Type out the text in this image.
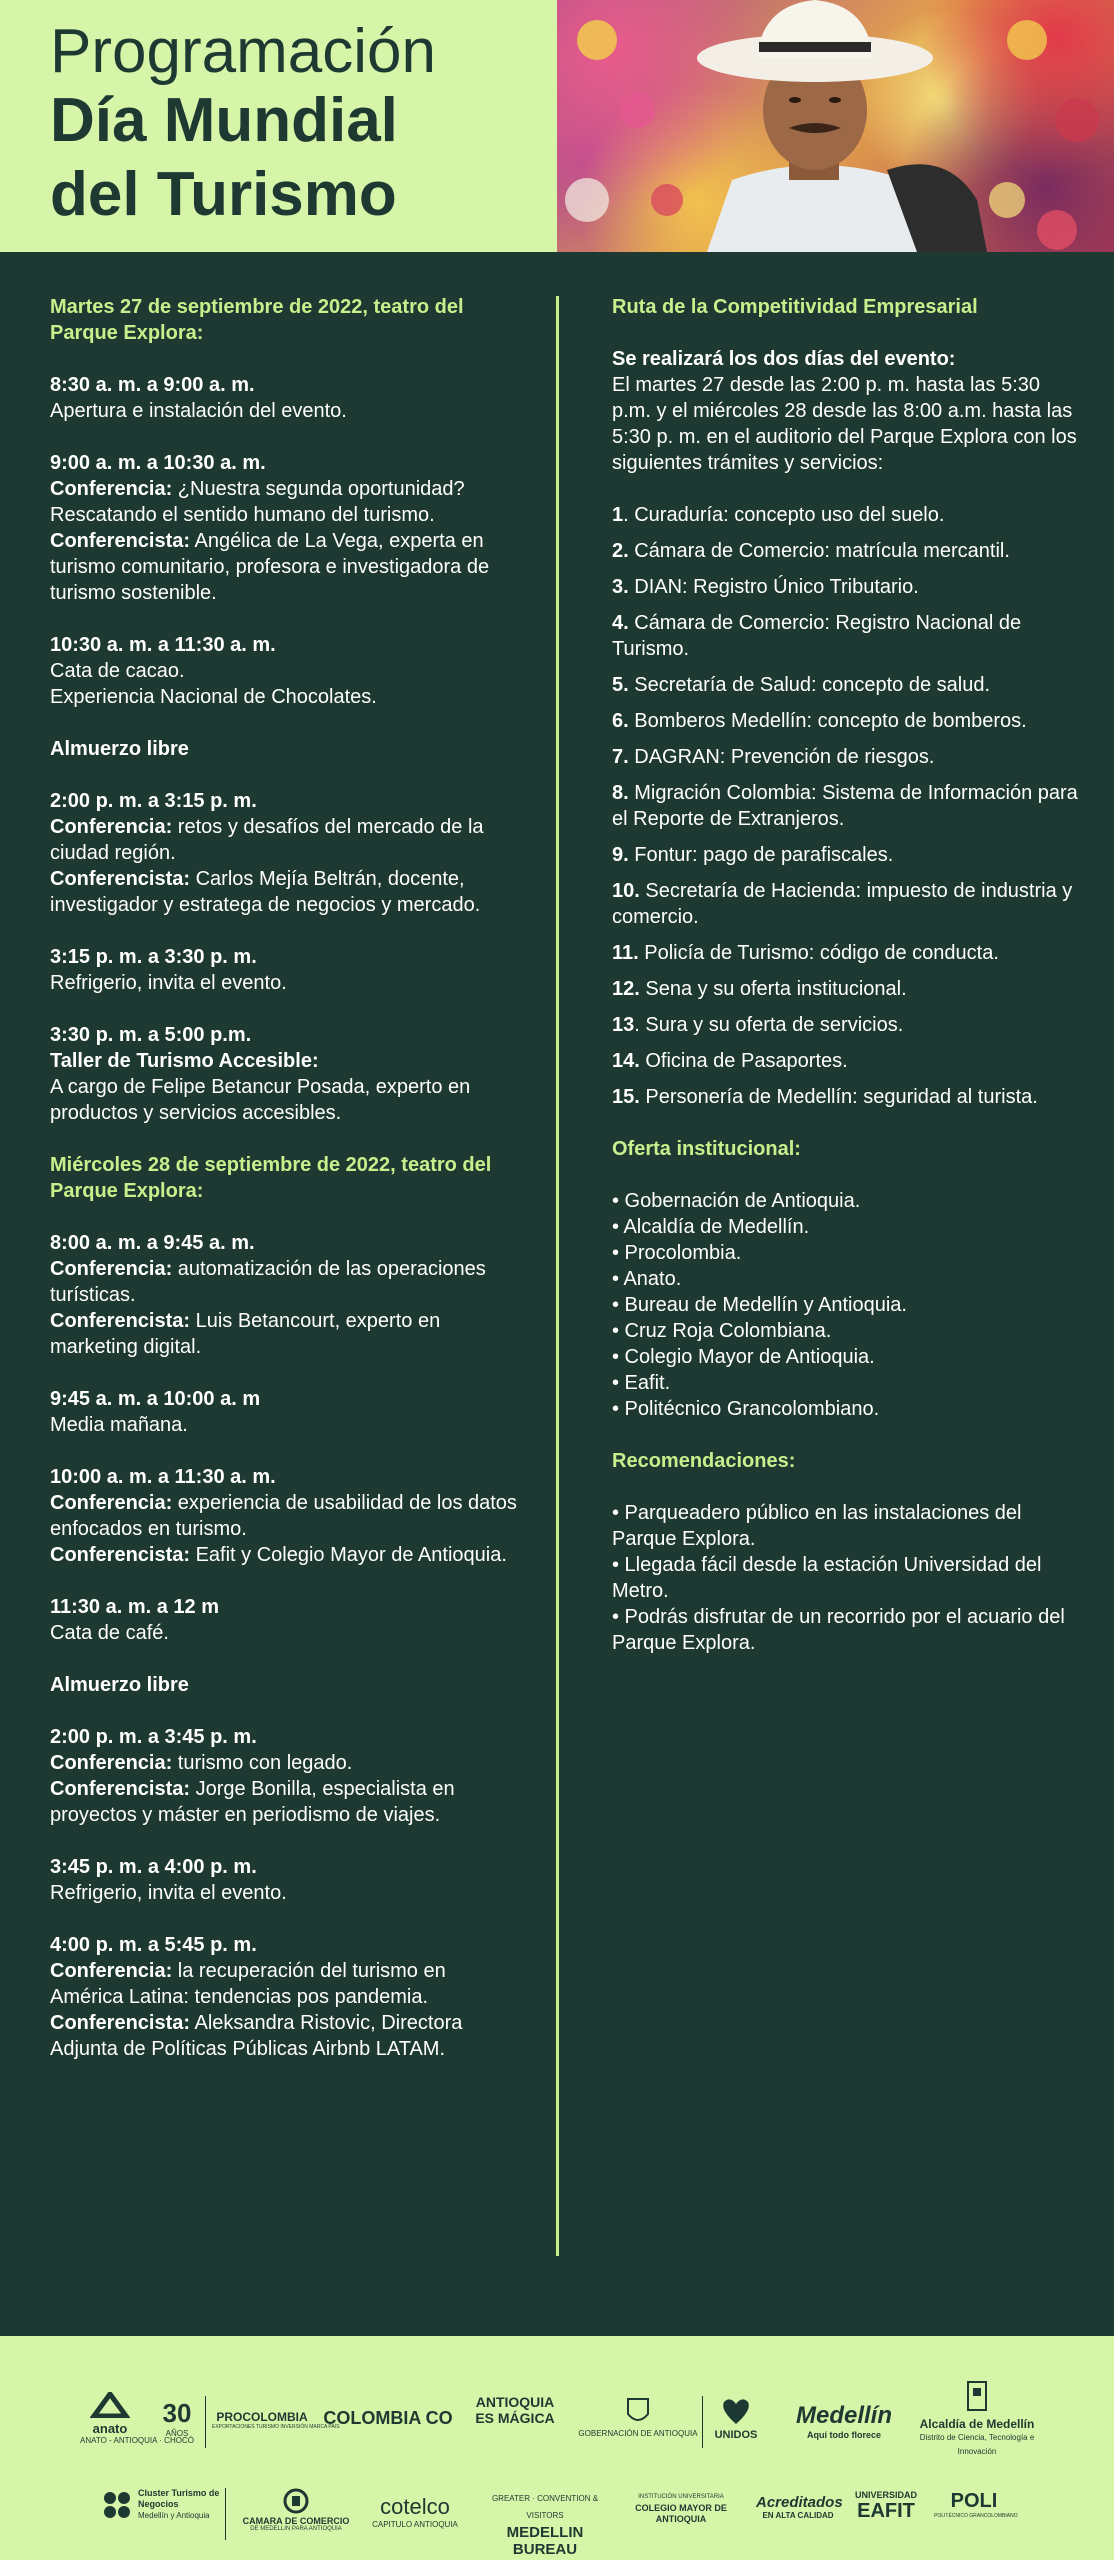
Programación
Día Mundial
del Turismo
Martes 27 de septiembre de 2022, teatro del Parque Explora:
8:30 a. m. a 9:00 a. m.
Apertura e instalación del evento.
9:00 a. m. a 10:30 a. m.
Conferencia: ¿Nuestra segunda oportunidad? Rescatando el sentido humano del turismo.
Conferencista: Angélica de La Vega, experta en turismo comunitario, profesora e investigadora de turismo sostenible.
10:30 a. m. a 11:30 a. m.
Cata de cacao.
Experiencia Nacional de Chocolates.
Almuerzo libre
2:00 p. m. a 3:15 p. m.
Conferencia: retos y desafíos del mercado de la ciudad región.
Conferencista: Carlos Mejía Beltrán, docente, investigador y estratega de negocios y mercado.
3:15 p. m. a 3:30 p. m.
Refrigerio, invita el evento.
3:30 p. m. a 5:00 p.m.
Taller de Turismo Accesible:
A cargo de Felipe Betancur Posada, experto en productos y servicios accesibles.
Miércoles 28 de septiembre de 2022, teatro del Parque Explora:
8:00 a. m. a 9:45 a. m.
Conferencia: automatización de las operaciones turísticas.
Conferencista: Luis Betancourt, experto en marketing digital.
9:45 a. m. a 10:00 a. m
Media mañana.
10:00 a. m. a 11:30 a. m.
Conferencia: experiencia de usabilidad de los datos enfocados en turismo.
Conferencista: Eafit y Colegio Mayor de Antioquia.
11:30 a. m. a 12 m
Cata de café.
Almuerzo libre
2:00 p. m. a 3:45 p. m.
Conferencia: turismo con legado.
Conferencista: Jorge Bonilla, especialista en proyectos y máster en periodismo de viajes.
3:45 p. m. a 4:00 p. m.
Refrigerio, invita el evento.
4:00 p. m. a 5:45 p. m.
Conferencia: la recuperación del turismo en América Latina: tendencias pos pandemia.
Conferencista: Aleksandra Ristovic, Directora Adjunta de Políticas Públicas Airbnb LATAM.
Ruta de la Competitividad Empresarial
Se realizará los dos días del evento:
El martes 27 desde las 2:00 p. m. hasta las 5:30 p.m. y el miércoles 28 desde las 8:00 a.m. hasta las 5:30 p. m. en el auditorio del Parque Explora con los siguientes trámites y servicios:
1. Curaduría: concepto uso del suelo.
2. Cámara de Comercio: matrícula mercantil.
3. DIAN: Registro Único Tributario.
4. Cámara de Comercio: Registro Nacional de Turismo.
5. Secretaría de Salud: concepto de salud.
6. Bomberos Medellín: concepto de bomberos.
7. DAGRAN: Prevención de riesgos.
8. Migración Colombia: Sistema de Información para el Reporte de Extranjeros.
9. Fontur: pago de parafiscales.
10. Secretaría de Hacienda: impuesto de industria y comercio.
11. Policía de Turismo: código de conducta.
12. Sena y su oferta institucional.
13. Sura y su oferta de servicios.
14. Oficina de Pasaportes.
15. Personería de Medellín: seguridad al turista.
Oferta institucional:
• Gobernación de Antioquia.
• Alcaldía de Medellín.
• Procolombia.
• Anato.
• Bureau de Medellín y Antioquia.
• Cruz Roja Colombiana.
• Colegio Mayor de Antioquia.
• Eafit.
• Politécnico Grancolombiano.
Recomendaciones:
• Parqueadero público en las instalaciones del Parque Explora.
• Llegada fácil desde la estación Universidad del Metro.
• Podrás disfrutar de un recorrido por el acuario del Parque Explora.
anato
ANATO - ANTIOQUIA · CHOCÓ
30
AÑOS
PROCOLOMBIA
EXPORTACIONES TURISMO INVERSIÓN MARCA PAÍS
COLOMBIA CO
ANTIOQUIA ES MÁGICA
GOBERNACIÓN DE ANTIOQUIA	UNIDOS
Medellín
Aquí todo florece
Alcaldía de Medellín
Distrito de Ciencia, Tecnología e Innovación
Cluster Turismo de Negocios
Medellín y Antioquia
CAMARA DE COMERCIO
DE MEDELLIN PARA ANTIOQUIA
cotelco
CAPITULO ANTIOQUIA
GREATER · CONVENTION & VISITORS
MEDELLIN BUREAU
INSTITUCIÓN UNIVERSITARIA
COLEGIO MAYOR DE ANTIOQUIA
Acreditados
EN ALTA CALIDAD
UNIVERSIDAD
EAFIT	POLI
POLITÉCNICO GRANCOLOMBIANO
